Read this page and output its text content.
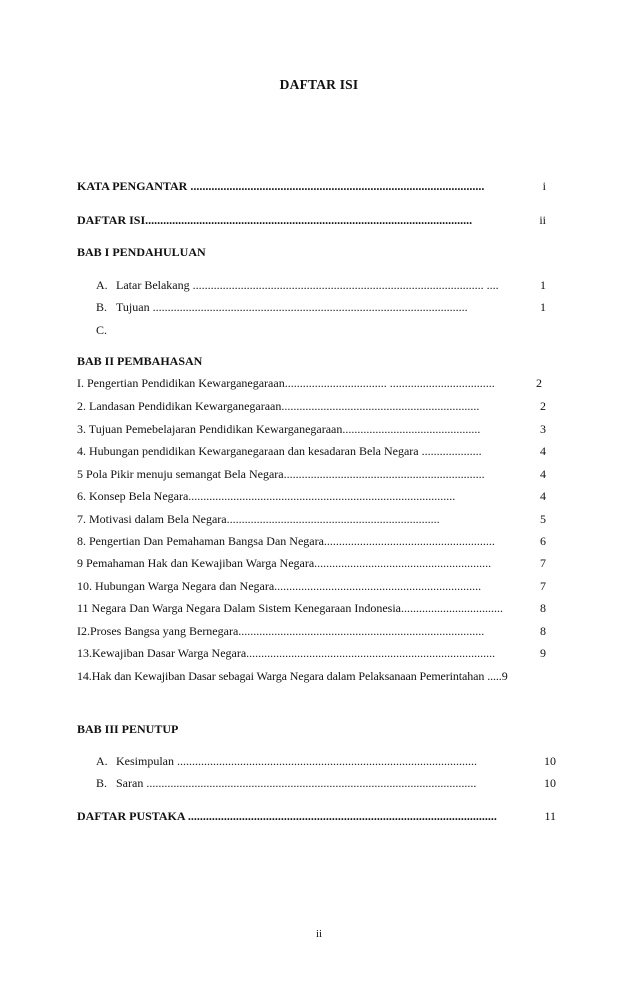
DAFTAR ISI
KATA PENGANTAR ..................................................................................................	i
DAFTAR ISI.............................................................................................................	ii
BAB I PENDAHULUAN
A. Latar Belakang ................................................................................................. ....	1
B. Tujuan .........................................................................................................	1
C.
BAB II PEMBAHASAN
I. Pengertian Pendidikan Kewarganegaraan.................................. ...................................	2
2. Landasan Pendidikan Kewarganegaraan..................................................................	2
3. Tujuan Pemebelajaran Pendidikan Kewarganegaraan..............................................	3
4. Hubungan pendidikan Kewarganegaraan dan kesadaran Bela Negara ....................	4
5 Pola Pikir menuju semangat Bela Negara...................................................................	4
6. Konsep Bela Negara.........................................................................................	4
7. Motivasi dalam Bela Negara.......................................................................	5
8. Pengertian Dan Pemahaman Bangsa Dan Negara.........................................................	6
9 Pemahaman Hak dan Kewajiban Warga Negara...........................................................	7
10. Hubungan Warga Negara dan Negara.....................................................................	7
11 Negara Dan Warga Negara Dalam Sistem Kenegaraan Indonesia..................................	8
I2.Proses Bangsa yang Bernegara..................................................................................	8
13.Kewajiban Dasar Warga Negara...................................................................................	9
14.Hak dan Kewajiban Dasar sebagai Warga Negara dalam Pelaksanaan Pemerintahan .....9
BAB III PENUTUP
A. Kesimpulan ....................................................................................................	10
B. Saran ..............................................................................................................	10
DAFTAR PUSTAKA .......................................................................................................	11
ii
